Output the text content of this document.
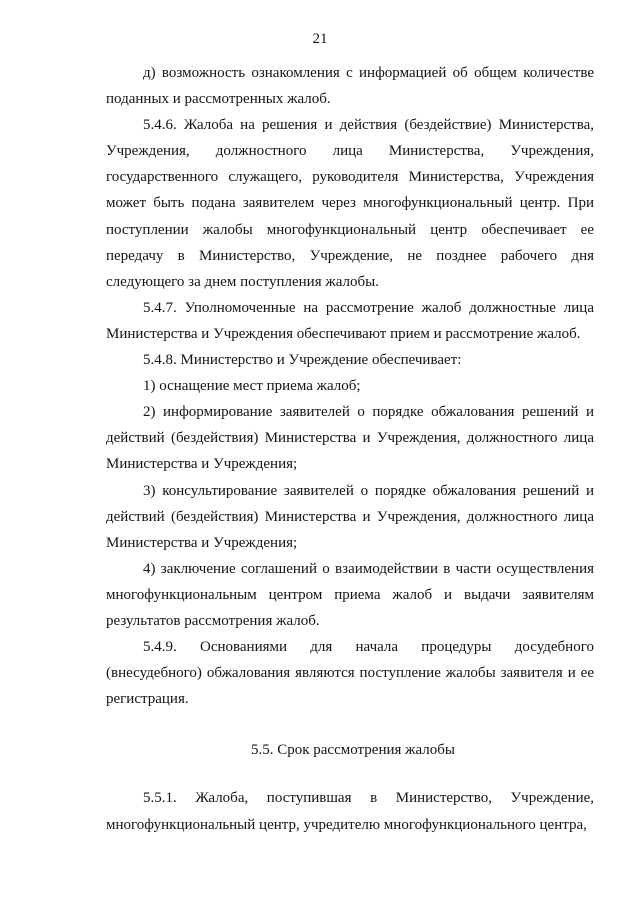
21

д) возможность ознакомления с информацией об общем количестве поданных и рассмотренных жалоб.

5.4.6. Жалоба на решения и действия (бездействие) Министерства, Учреждения, должностного лица Министерства, Учреждения, государственного служащего, руководителя Министерства, Учреждения может быть подана заявителем через многофункциональный центр. При поступлении жалобы многофункциональный центр обеспечивает ее передачу в Министерство, Учреждение, не позднее рабочего дня следующего за днем поступления жалобы.

5.4.7. Уполномоченные на рассмотрение жалоб должностные лица Министерства и Учреждения обеспечивают прием и рассмотрение жалоб.

5.4.8. Министерство и Учреждение обеспечивает:

1) оснащение мест приема жалоб;

2) информирование заявителей о порядке обжалования решений и действий (бездействия) Министерства и Учреждения, должностного лица Министерства и Учреждения;

3) консультирование заявителей о порядке обжалования решений и действий (бездействия) Министерства и Учреждения, должностного лица Министерства и Учреждения;

4) заключение соглашений о взаимодействии в части осуществления многофункциональным центром приема жалоб и выдачи заявителям результатов рассмотрения жалоб.

5.4.9. Основаниями для начала процедуры досудебного (внесудебного) обжалования являются поступление жалобы заявителя и ее регистрация.

5.5. Срок рассмотрения жалобы

5.5.1. Жалоба, поступившая в Министерство, Учреждение, многофункциональный центр, учредителю многофункционального центра,
